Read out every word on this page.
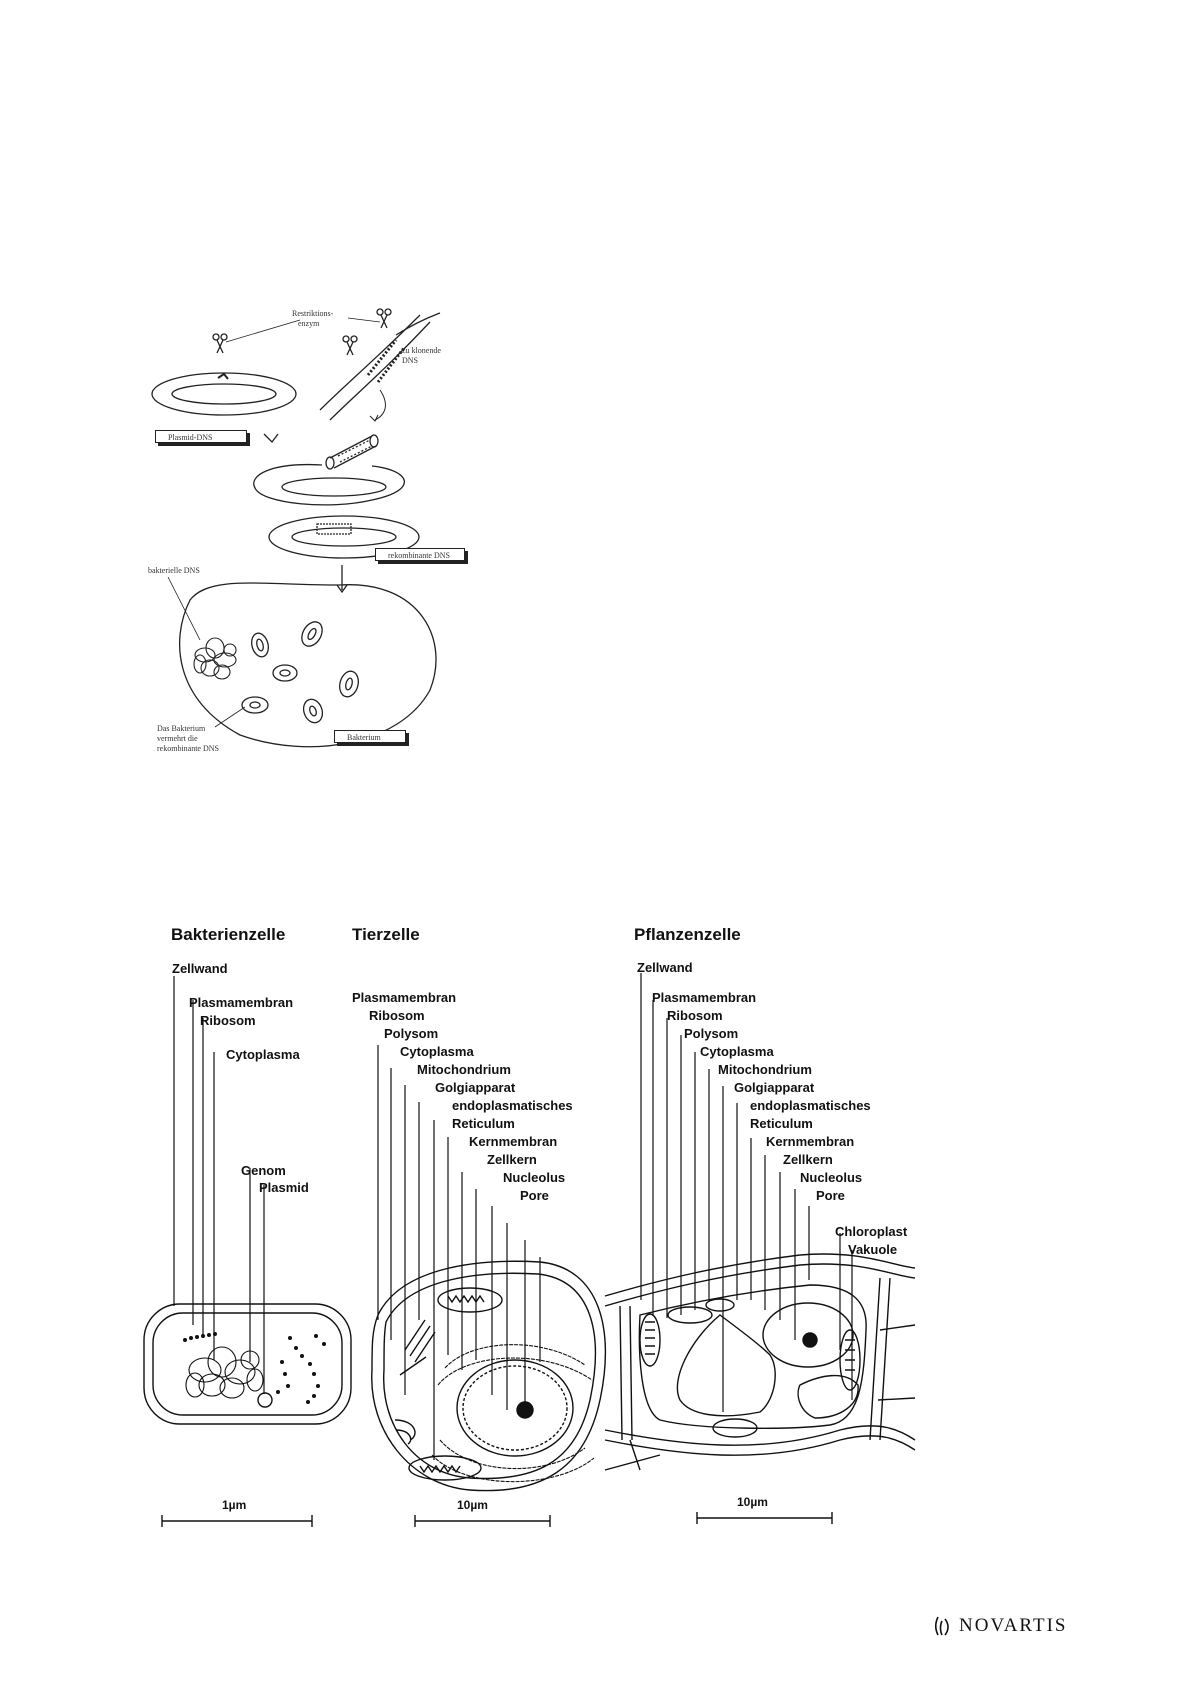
Restriktions-
enzym
zu klonende
DNS
Plasmid-DNS
rekombinante DNS
bakterielle DNS
Das Bakterium
vermehrt die
rekombinante DNS
Bakterium
Bakterienzelle
Zellwand
Plasmamembran
Ribosom
Cytoplasma
Genom
Plasmid
1µm
Tierzelle
Plasmamembran
Ribosom
Polysom
Cytoplasma
Mitochondrium
Golgiapparat
endoplasmatisches
Reticulum
Kernmembran
Zellkern
Nucleolus
Pore
10µm
Pflanzenzelle
Zellwand
Plasmamembran
Ribosom
Polysom
Cytoplasma
Mitochondrium
Golgiapparat
endoplasmatisches
Reticulum
Kernmembran
Zellkern
Nucleolus
Pore
Chloroplast
Vakuole
10µm
NOVARTIS
